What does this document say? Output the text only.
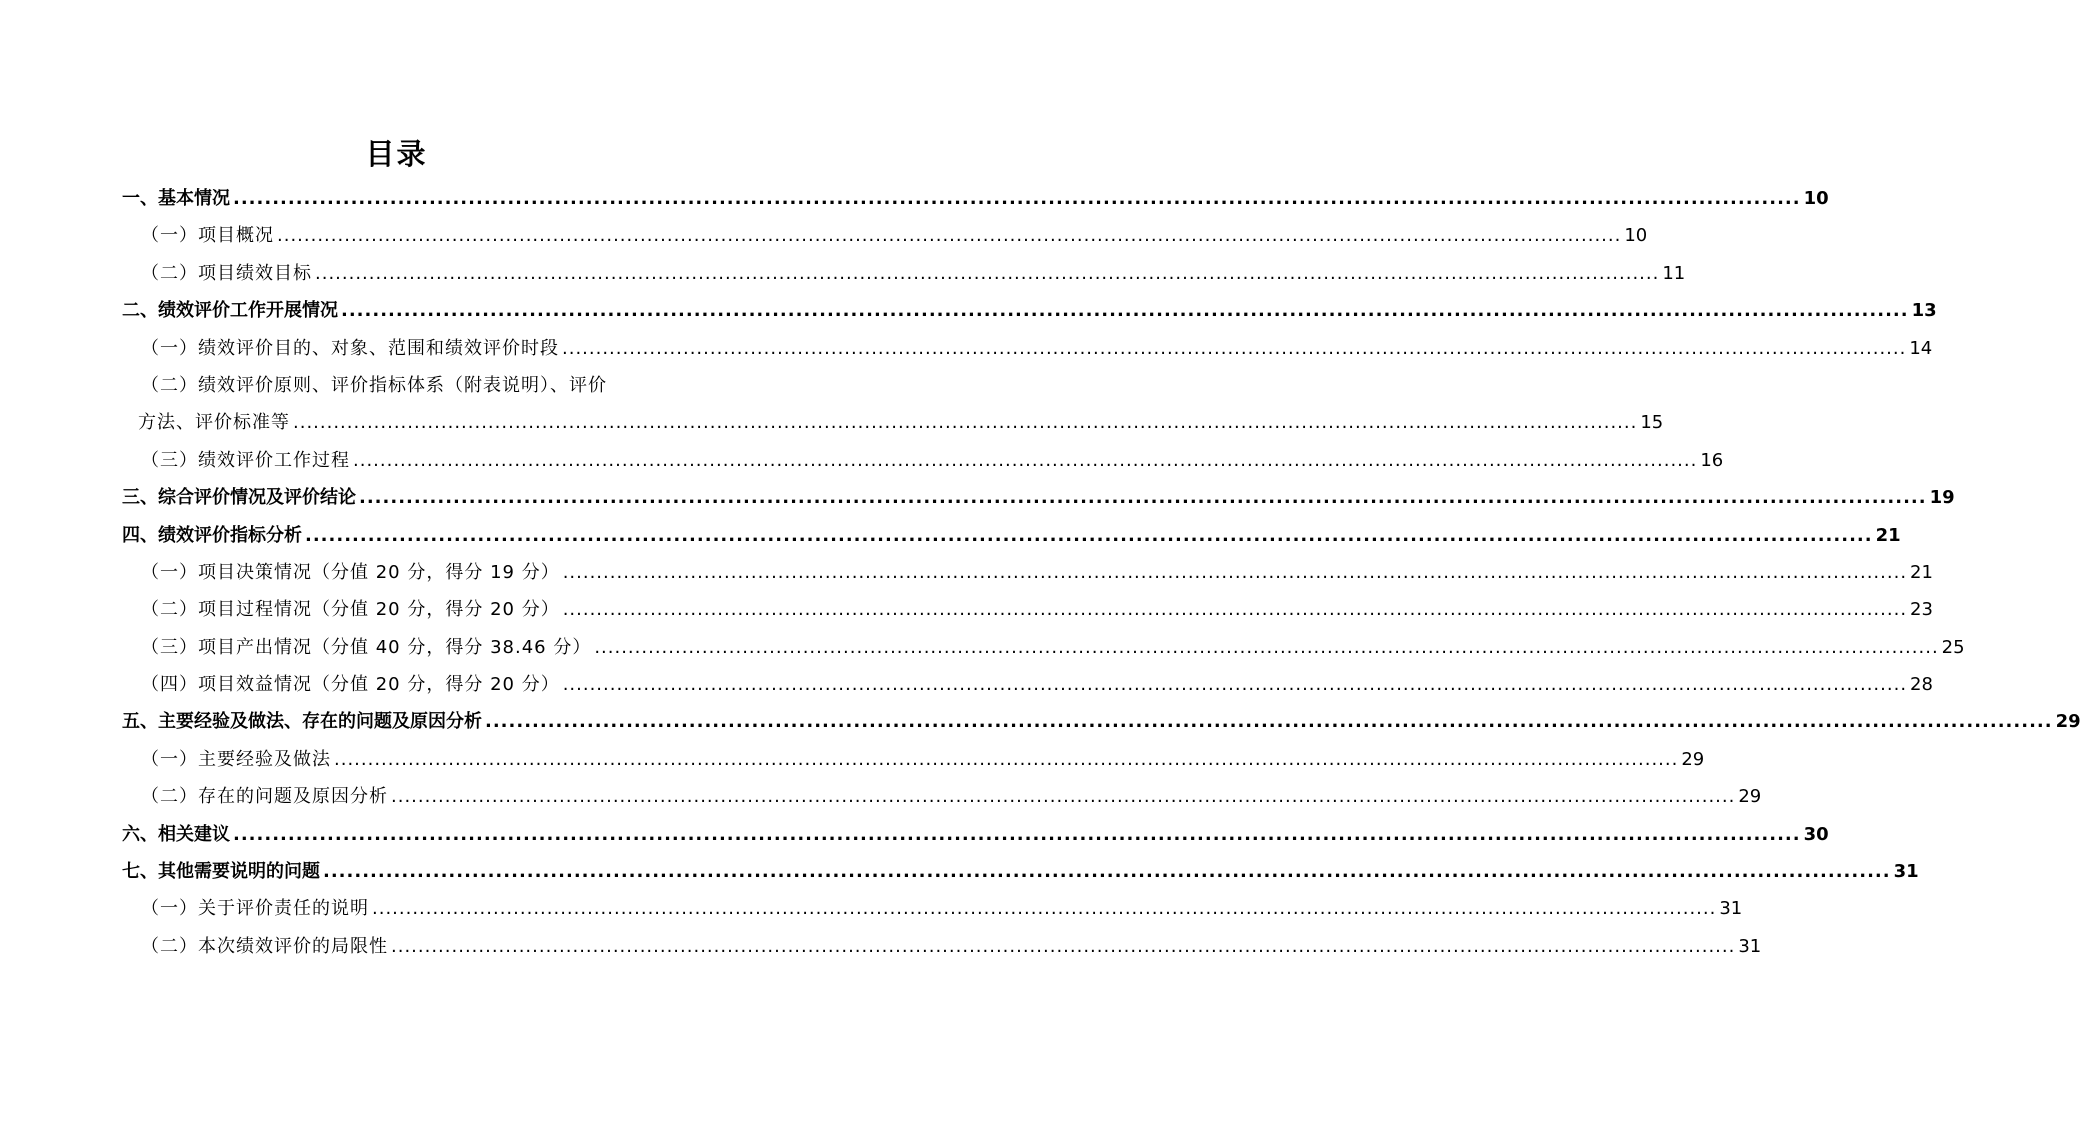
目录
一、基本情况 ........................................................................................................................................................................................................ 10
（一）项目概况 ........................................................................................................................................................................................................ 10
（二）项目绩效目标 ........................................................................................................................................................................................................ 11
二、绩效评价工作开展情况 ........................................................................................................................................................................................................ 13
（一）绩效评价目的、对象、范围和绩效评价时段 ........................................................................................................................................................................................................ 14
（二）绩效评价原则、评价指标体系（附表说明）、评价
方法、评价标准等 ........................................................................................................................................................................................................ 15
（三）绩效评价工作过程 ........................................................................................................................................................................................................ 16
三、综合评价情况及评价结论 ........................................................................................................................................................................................................ 19
四、绩效评价指标分析 ........................................................................................................................................................................................................ 21
（一）项目决策情况（分值 20 分，得分 19 分） ........................................................................................................................................................................................................ 21
（二）项目过程情况（分值 20 分，得分 20 分） ........................................................................................................................................................................................................ 23
（三）项目产出情况（分值 40 分，得分 38.46 分） ........................................................................................................................................................................................................ 25
（四）项目效益情况（分值 20 分，得分 20 分） ........................................................................................................................................................................................................ 28
五、主要经验及做法、存在的问题及原因分析 ........................................................................................................................................................................................................ 29
（一）主要经验及做法 ........................................................................................................................................................................................................ 29
（二）存在的问题及原因分析 ........................................................................................................................................................................................................ 29
六、相关建议 ........................................................................................................................................................................................................ 30
七、其他需要说明的问题 ........................................................................................................................................................................................................ 31
（一）关于评价责任的说明 ........................................................................................................................................................................................................ 31
（二）本次绩效评价的局限性 ........................................................................................................................................................................................................ 31
